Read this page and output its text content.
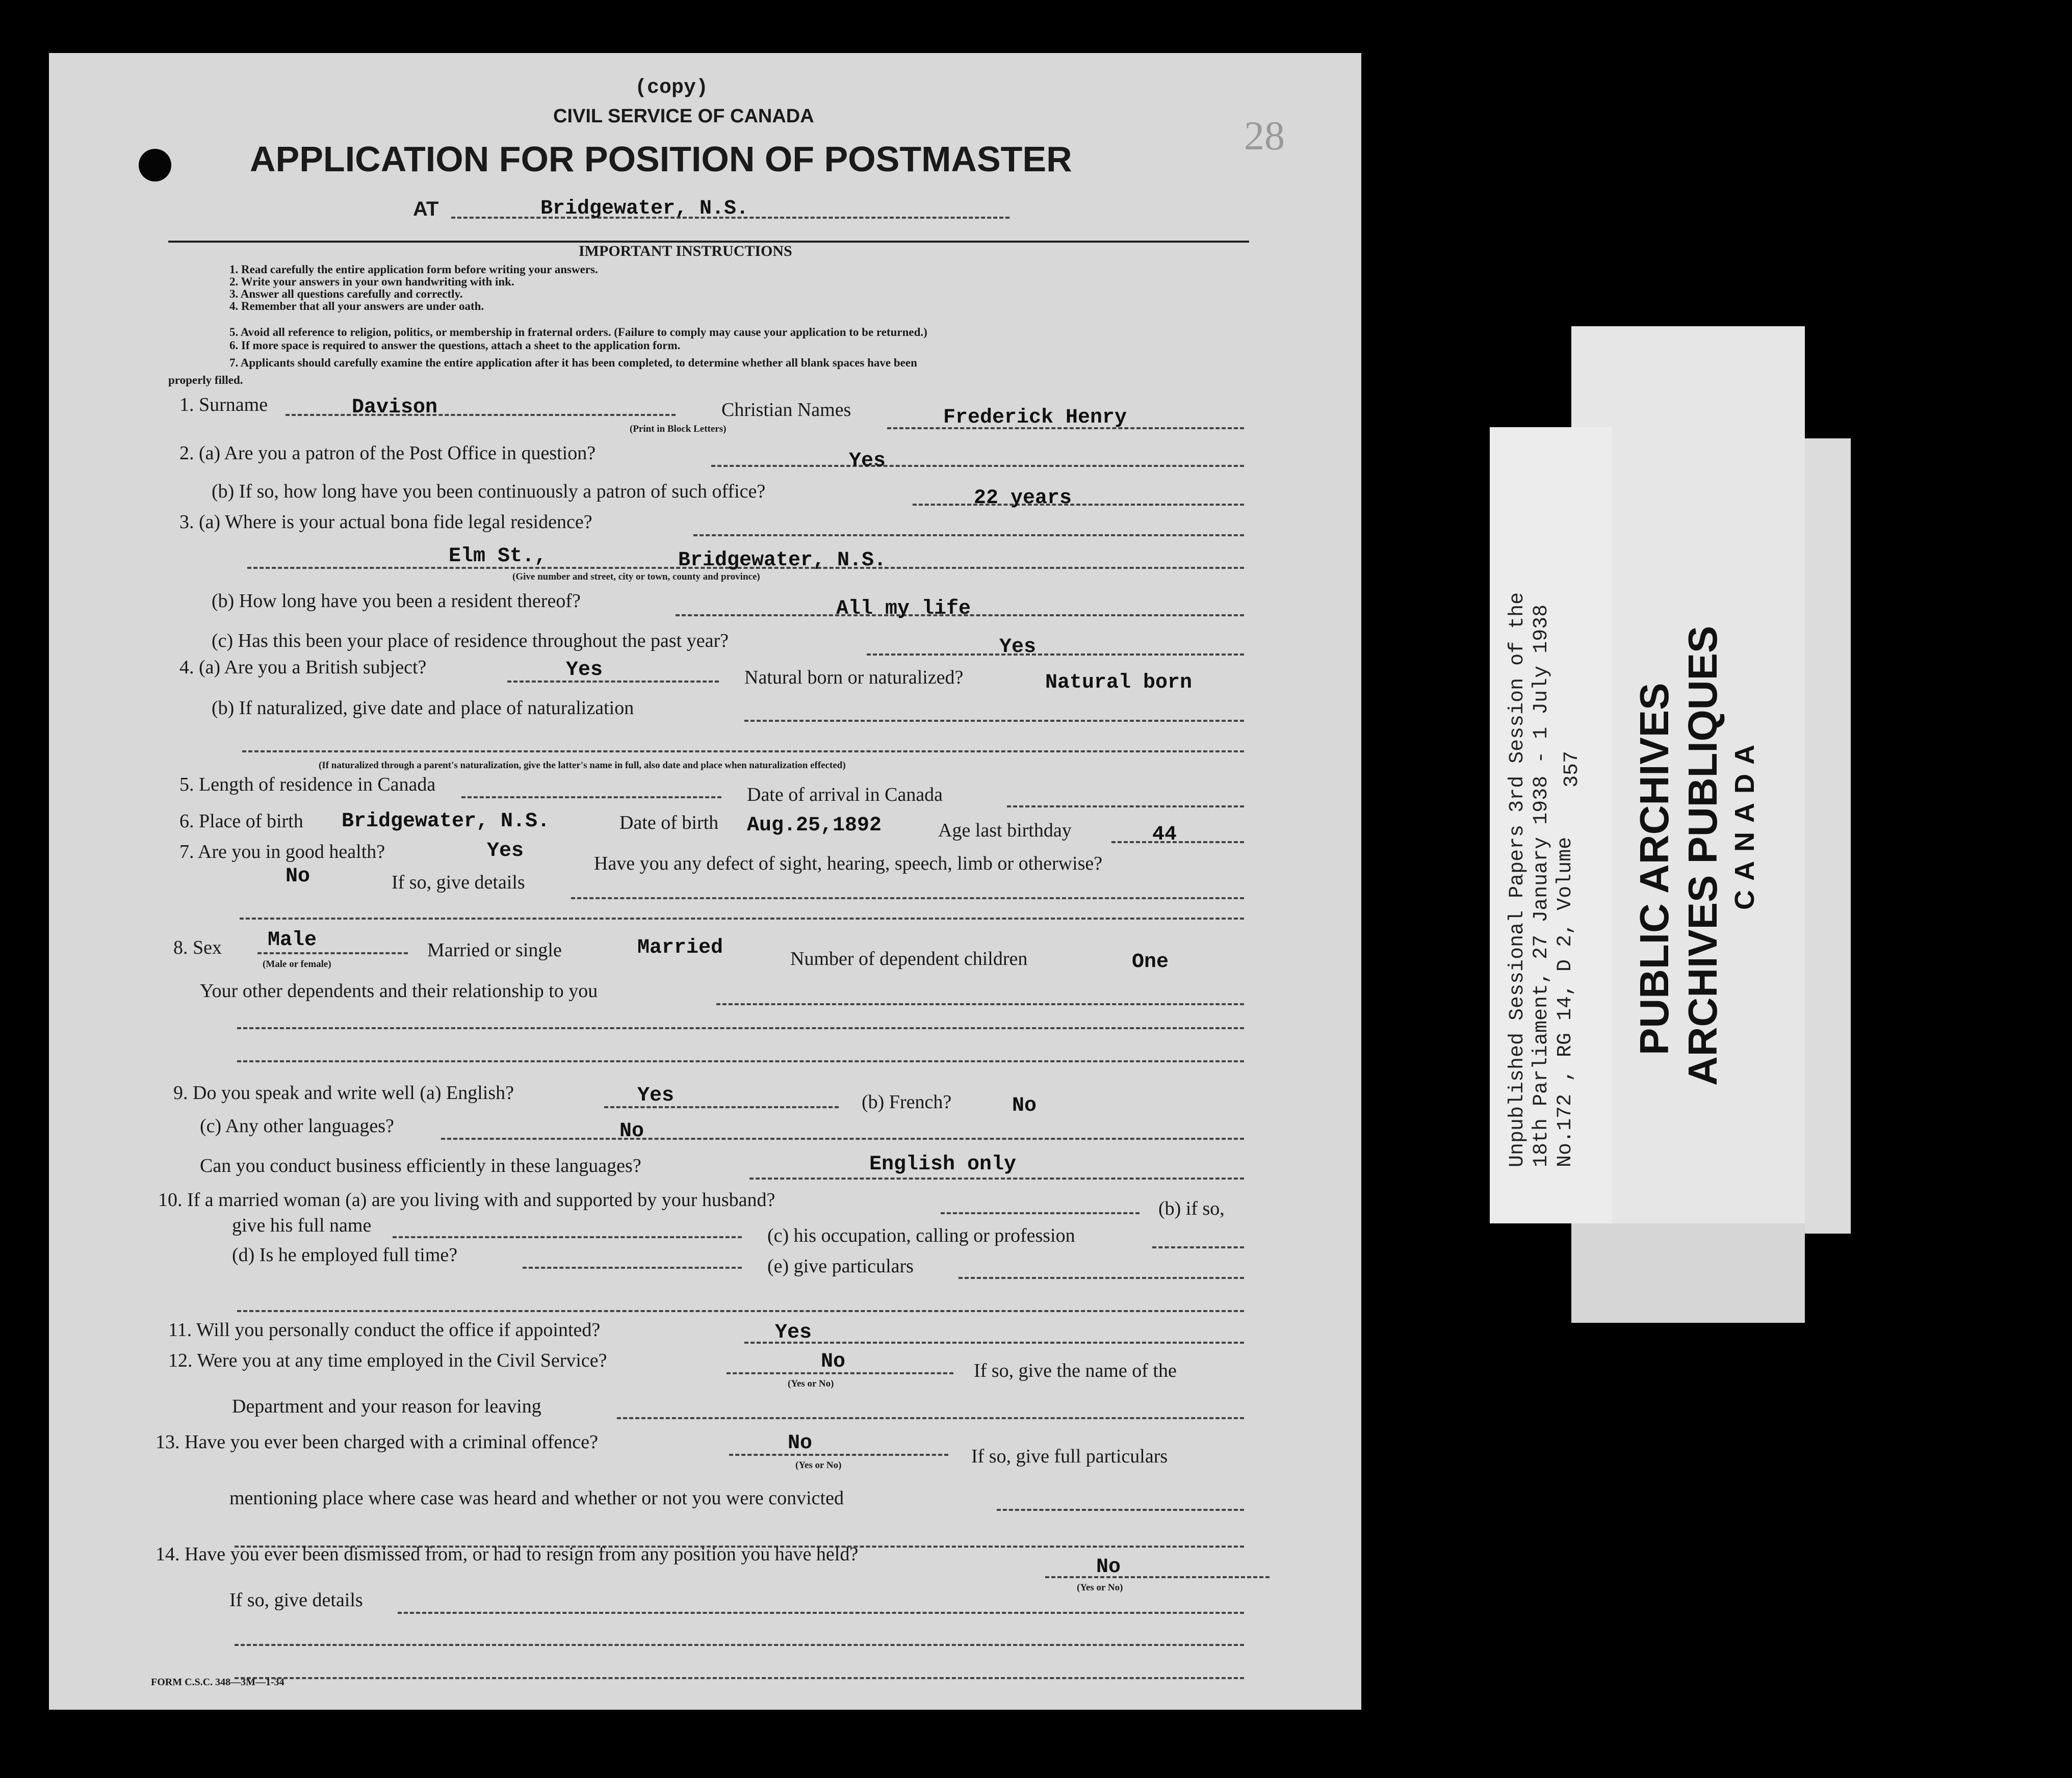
(copy)
CIVIL SERVICE OF CANADA
APPLICATION FOR POSITION OF POSTMASTER
28
AT	Bridgewater, N.S.
IMPORTANT INSTRUCTIONS
1. Read carefully the entire application form before writing your answers.
2. Write your answers in your own handwriting with ink.
3. Answer all questions carefully and correctly.
4. Remember that all your answers are under oath.
5. Avoid all reference to religion, politics, or membership in fraternal orders. (Failure to comply may cause your application to be returned.)
6. If more space is required to answer the questions, attach a sheet to the application form.
7. Applicants should carefully examine the entire application after it has been completed, to determine whether all blank spaces have been
properly filled.
1. Surname	Davison	Christian Names	Frederick Henry
(Print in Block Letters)
2. (a) Are you a patron of the Post Office in question?	Yes
(b) If so, how long have you been continuously a patron of such office?	22 years
3. (a) Where is your actual bona fide legal residence?
Elm St.,	Bridgewater, N.S.
(Give number and street, city or town, county and province)
(b) How long have you been a resident thereof?	All my life
(c) Has this been your place of residence throughout the past year?	Yes
4. (a) Are you a British subject?	Yes	Natural born or naturalized?	Natural born
(b) If naturalized, give date and place of naturalization
(If naturalized through a parent's naturalization, give the latter's name in full, also date and place when naturalization effected)
5. Length of residence in Canada	Date of arrival in Canada
6. Place of birth Bridgewater, N.S.	Date of birth Aug.25,1892	Age last birthday	44
7. Are you in good health?	Yes
Have you any defect of sight, hearing, speech, limb or otherwise?
No	If so, give details
8. Sex Male
(Male or female)
Married or single	Married	Number of dependent children	One
Your other dependents and their relationship to you
9. Do you speak and write well (a) English?	Yes	(b) French?	No
(c) Any other languages?	No
Can you conduct business efficiently in these languages?	English only
10. If a married woman (a) are you living with and supported by your husband?	(b) if so,
give his full name	(c) his occupation, calling or profession
(d) Is he employed full time?
(e) give particulars
11. Will you personally conduct the office if appointed?	Yes
12. Were you at any time employed in the Civil Service?	No
(Yes or No)
If so, give the name of the
Department and your reason for leaving
13. Have you ever been charged with a criminal offence?	No
(Yes or No)	If so, give full particulars
mentioning place where case was heard and whether or not you were convicted
14. Have you ever been dismissed from, or had to resign from any position you have held?
No
(Yes or No)
If so, give details
FORM C.S.C. 348—3M—1-34
Unpublished Sessional Papers 3rd Session of the 18th Parliament, 27 January 1938 - 1 July 1938 No.172 , RG 14, D 2, Volume
357 PUBLIC ARCHIVES ARCHIVES PUBLIQUES CANADA
